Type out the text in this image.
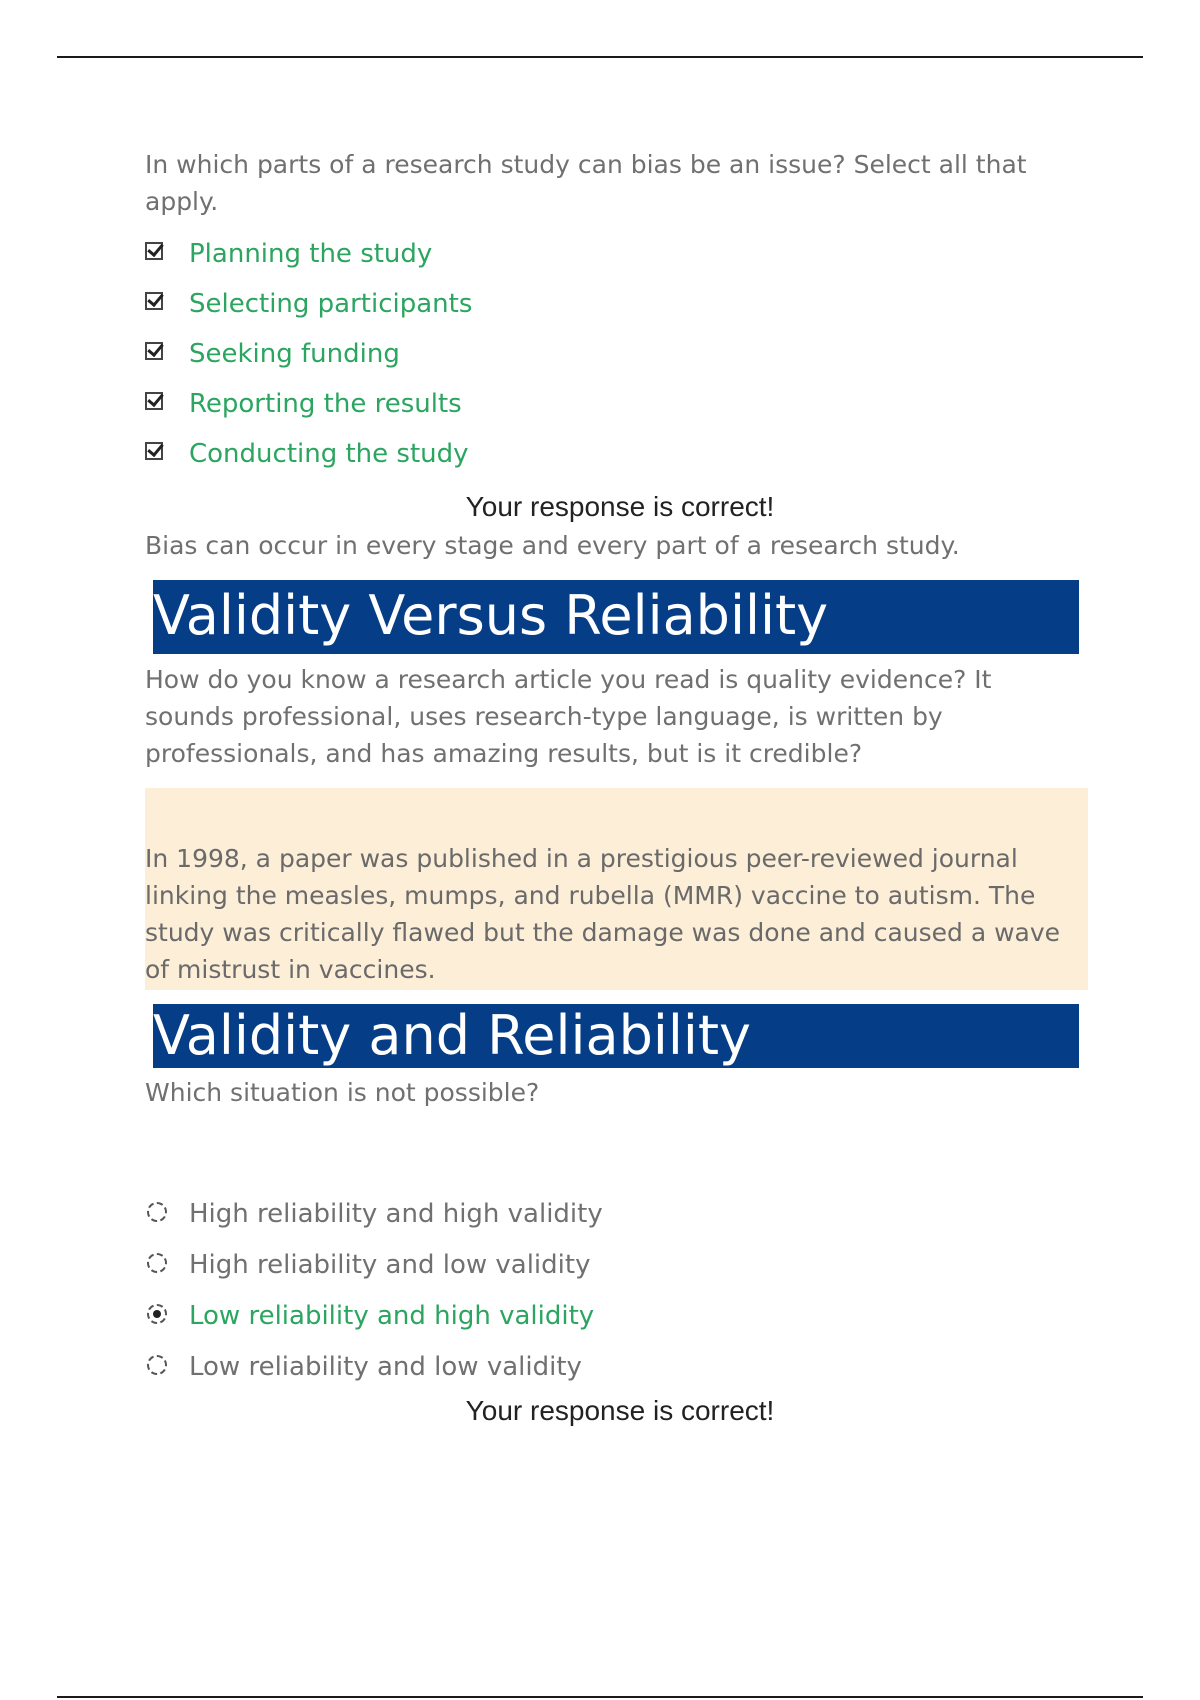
In which parts of a research study can bias be an issue? Select all that apply.
Planning the study
Selecting participants
Seeking funding
Reporting the results
Conducting the study
Your response is correct!
Bias can occur in every stage and every part of a research study.
Validity Versus Reliability
How do you know a research article you read is quality evidence? It sounds professional, uses research-type language, is written by professionals, and has amazing results, but is it credible?
In 1998, a paper was published in a prestigious peer-reviewed journal linking the measles, mumps, and rubella (MMR) vaccine to autism. The study was critically flawed but the damage was done and caused a wave of mistrust in vaccines.
Validity and Reliability
Which situation is not possible?
High reliability and high validity
High reliability and low validity
Low reliability and high validity
Low reliability and low validity
Your response is correct!
